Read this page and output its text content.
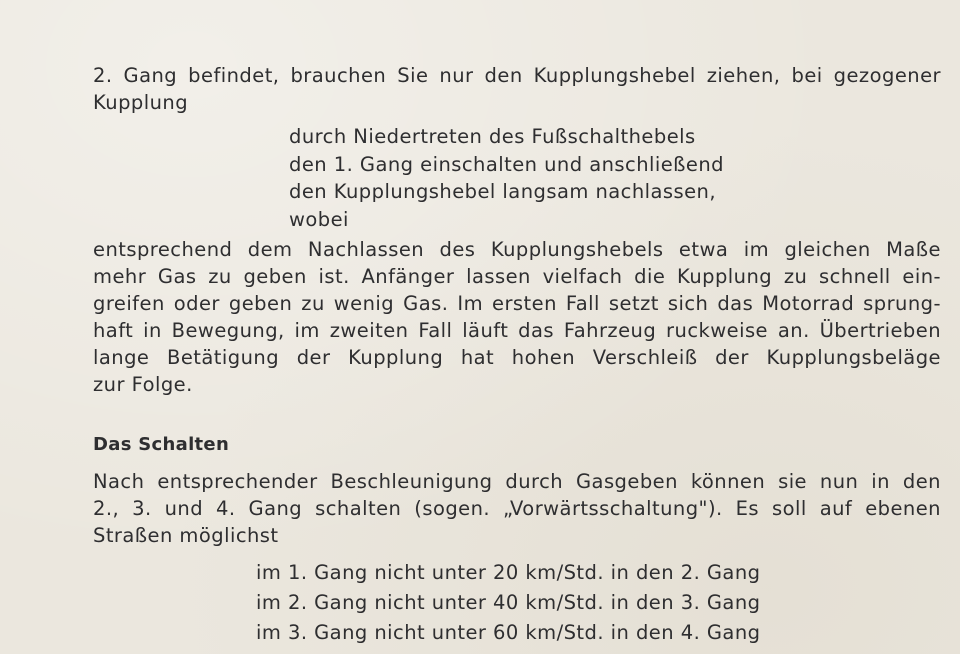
2. Gang befindet, brauchen Sie nur den Kupplungshebel ziehen, bei gezogener
Kupplung
durch Niedertreten des Fußschalthebels
den 1. Gang einschalten und anschließend
den Kupplungshebel langsam nachlassen,
wobei
entsprechend dem Nachlassen des Kupplungshebels etwa im gleichen Maße
mehr Gas zu geben ist. Anfänger lassen vielfach die Kupplung zu schnell ein-
greifen oder geben zu wenig Gas. Im ersten Fall setzt sich das Motorrad sprung-
haft in Bewegung, im zweiten Fall läuft das Fahrzeug ruckweise an. Übertrieben
lange Betätigung der Kupplung hat hohen Verschleiß der Kupplungsbeläge
zur Folge.
Das Schalten
Nach entsprechender Beschleunigung durch Gasgeben können sie nun in den
2., 3. und 4. Gang schalten (sogen. „Vorwärtsschaltung"). Es soll auf ebenen
Straßen möglichst
im 1. Gang nicht unter 20 km/Std. in den 2. Gang
im 2. Gang nicht unter 40 km/Std. in den 3. Gang
im 3. Gang nicht unter 60 km/Std. in den 4. Gang
